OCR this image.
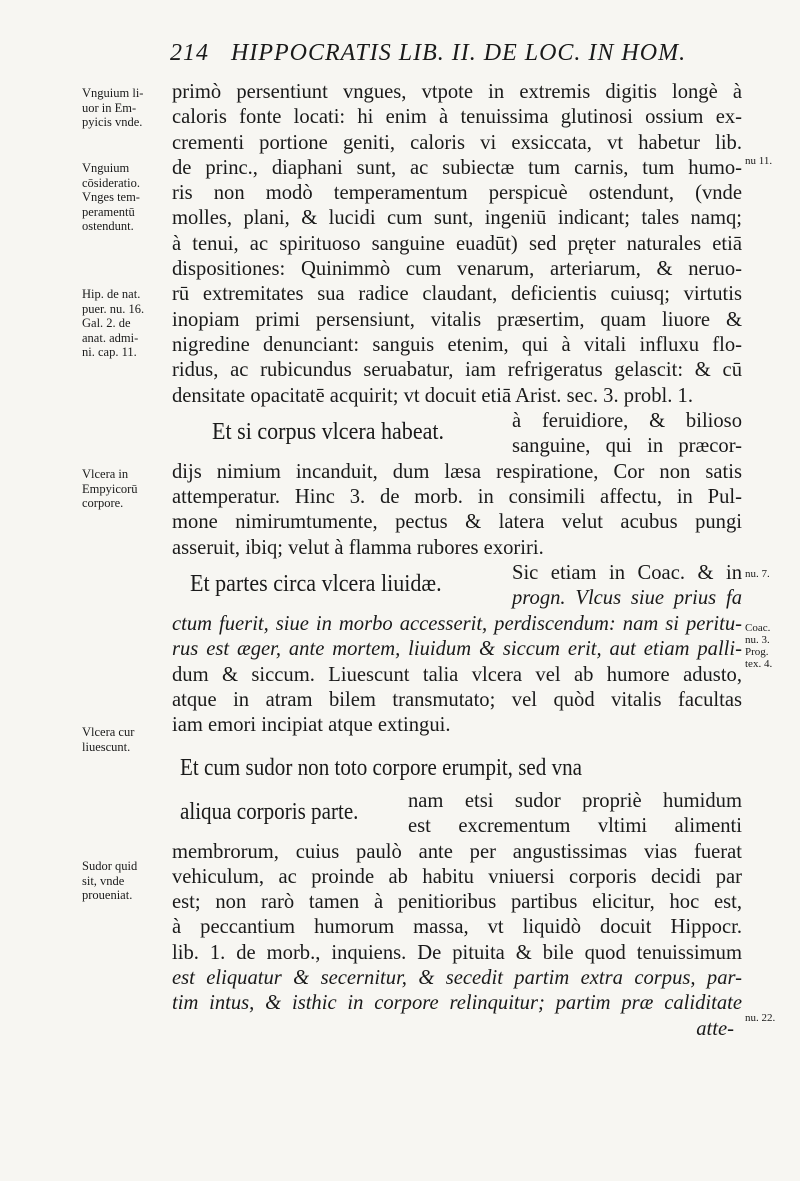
214 HIPPOCRATIS LIB. II. DE LOC. IN HOM.
Vnguium li-
uor in Em-
pyicis vnde.
Vnguium
cōsideratio.
Vnges tem-
peramentū
ostendunt.
Hip. de nat.
puer. nu. 16.
Gal. 2. de
anat. admi-
ni. cap. 11.
Vlcera in
Empyicorū
corpore.
Vlcera cur
liuescunt.
Sudor quid
sit, vnde
proueniat.
nu 11.
nu. 7.
Coac.
nu. 3.
Prog.
tex. 4.
nu. 22.
primò persentiunt vngues, vtpote in extremis digitis longè à
caloris fonte locati: hi enim à tenuissima glutinosi ossium ex-
crementi portione geniti, caloris vi exsiccata, vt habetur lib.
de princ., diaphani sunt, ac subiectæ tum carnis, tum humo-
ris non modò temperamentum perspicuè ostendunt, (vnde
molles, plani, & lucidi cum sunt, ingeniū indicant; tales namq;
à tenui, ac spirituoso sanguine euadūt) sed pręter naturales etiā
dispositiones: Quinimmò cum venarum, arteriarum, & neruo-
rū extremitates sua radice claudant, deficientis cuiusq; virtutis
inopiam primi persensiunt, vitalis præsertim, quam liuore &
nigredine denunciant: sanguis etenim, qui à vitali influxu flo-
ridus, ac rubicundus seruabatur, iam refrigeratus gelascit: & cū
densitate opacitatē acquirit; vt docuit etiā Arist. sec. 3. probl. 1.
Et si corpus vlcera habeat.	à feruidiore, & bilioso
sanguine, qui in præcor-
dijs nimium incanduit, dum læsa respiratione, Cor non satis
attemperatur. Hinc 3. de morb. in consimili affectu, in Pul-
mone nimirumtumente, pectus & latera velut acubus pungi
asseruit, ibiq; velut à flamma rubores exoriri.
Et partes circa vlcera liuidæ.	Sic etiam in Coac. & in
progn. Vlcus siue prius fa
ctum fuerit, siue in morbo accesserit, perdiscendum: nam si peritu-
rus est æger, ante mortem, liuidum & siccum erit, aut etiam palli-
dum & siccum. Liuescunt talia vlcera vel ab humore adusto,
atque in atram bilem transmutato; vel quòd vitalis facultas
iam emori incipiat atque extingui.
Et cum sudor non toto corpore erumpit, sed vna
aliqua corporis parte. nam etsi sudor propriè humidum
est excrementum vltimi alimenti
membrorum, cuius paulò ante per angustissimas vias fuerat
vehiculum, ac proinde ab habitu vniuersi corporis decidi par
est; non rarò tamen à penitioribus partibus elicitur, hoc est,
à peccantium humorum massa, vt liquidò docuit Hippocr.
lib. 1. de morb., inquiens. De pituita & bile quod tenuissimum
est eliquatur & secernitur, & secedit partim extra corpus, par-
tim intus, & isthic in corpore relinquitur; partim præ caliditate
atte-
